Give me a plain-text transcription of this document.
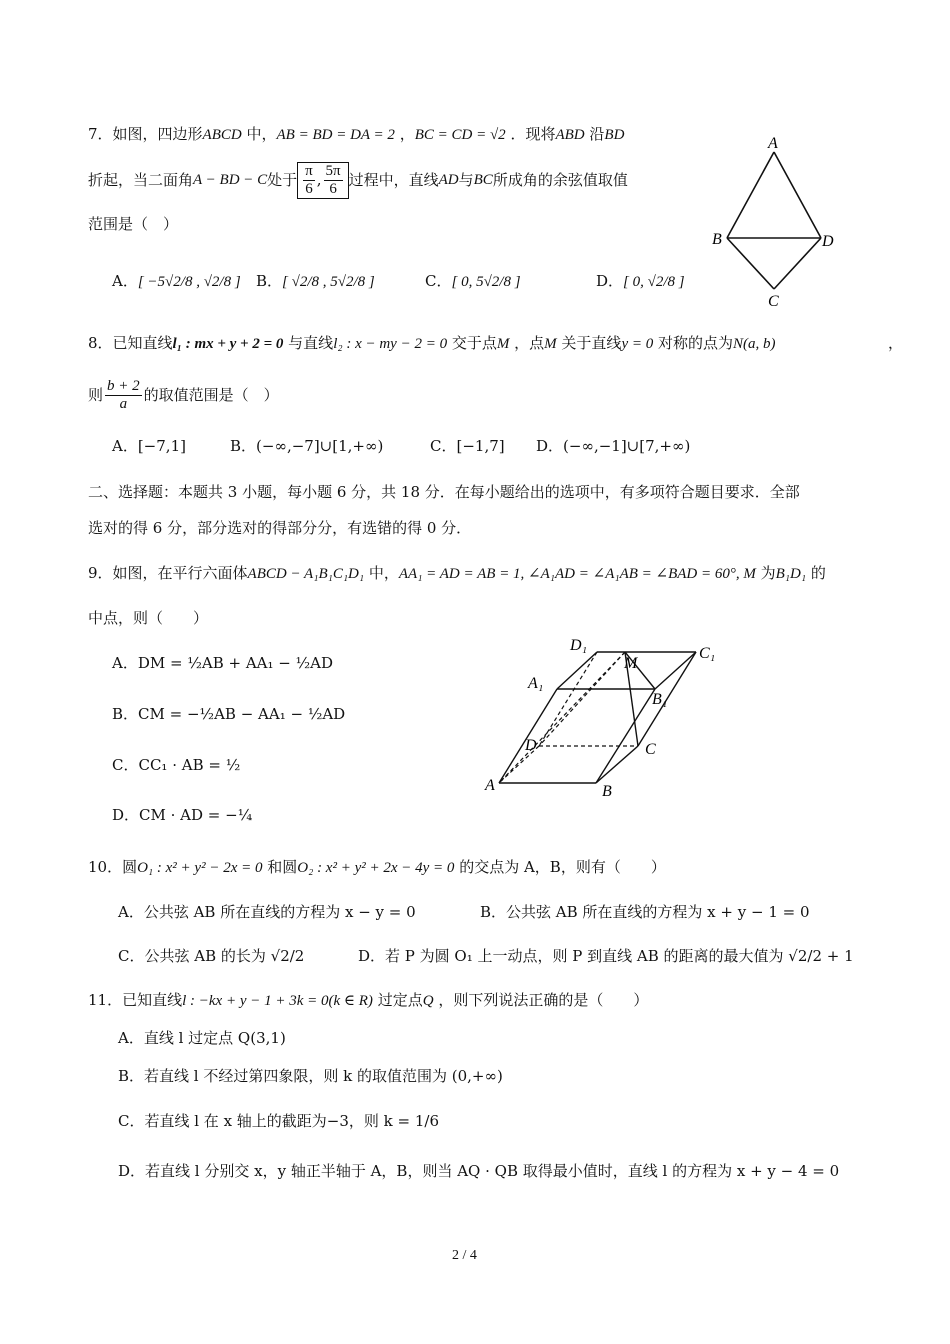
7．如图，四边形ABCD 中，AB = BD = DA = 2 ，BC = CD = √2 ．现将ABD 沿BD
折起，当二面角 A − BD − C 处于 $\frac{\pi}{6}$ , $\frac{5\pi}{6}$ 过程中，直线 AD 与 BC 所成角的余弦值取值
范围是（　）
A．[ −5√2/8 , √2/8 ] B．[ √2/8 , 5√2/8 ]	C．[ 0, 5√2/8 ]	D．[ 0, √2/8 ]
A
B	D
C
8．已知直线l₁ : mx + y + 2 = 0 与直线l₂ : x − my − 2 = 0 交于点M ，点M 关于直线y = 0 对称的点为N(a, b)	，
则 $\frac{b + 2}{a}$ 的取值范围是（　）
A．[−7,1]	B．(−∞,−7]∪[1,+∞)	C．[−1,7] D．(−∞,−1]∪[7,+∞)
二、选择题：本题共 3 小题，每小题 6 分，共 18 分．在每小题给出的选项中，有多项符合题目要求．全部
选对的得 6 分，部分选对的得部分分，有选错的得 0 分．
9．如图，在平行六面体ABCD − A₁B₁C₁D₁ 中，AA₁ = AD = AB = 1, ∠A₁AD = ∠A₁AB = ∠BAD = 60°, M 为B₁D₁ 的
中点，则（　　）
A．DM = ½AB + AA₁ − ½AD
B．CM = −½AB − AA₁ − ½AD
C．CC₁ · AB = ½
D．CM · AD = −¼
D₁
M
C₁
A₁
B₁
D	C
A	B
10．圆O₁ : x² + y² − 2x = 0 和圆O₂ : x² + y² + 2x − 4y = 0 的交点为 A，B，则有（　　）
A．公共弦 AB 所在直线的方程为 x − y = 0	B．公共弦 AB 所在直线的方程为 x + y − 1 = 0
C．公共弦 AB 的长为 √2/2	D．若 P 为圆 O₁ 上一动点，则 P 到直线 AB 的距离的最大值为 √2/2 + 1
11．已知直线l : −kx + y − 1 + 3k = 0(k ∈ R) 过定点Q ，则下列说法正确的是（　　）
A．直线 l 过定点 Q(3,1)
B．若直线 l 不经过第四象限，则 k 的取值范围为 (0,+∞)
C．若直线 l 在 x 轴上的截距为−3，则 k = 1/6
D．若直线 l 分别交 x，y 轴正半轴于 A，B，则当 AQ · QB 取得最小值时，直线 l 的方程为 x + y − 4 = 0
2 / 4
